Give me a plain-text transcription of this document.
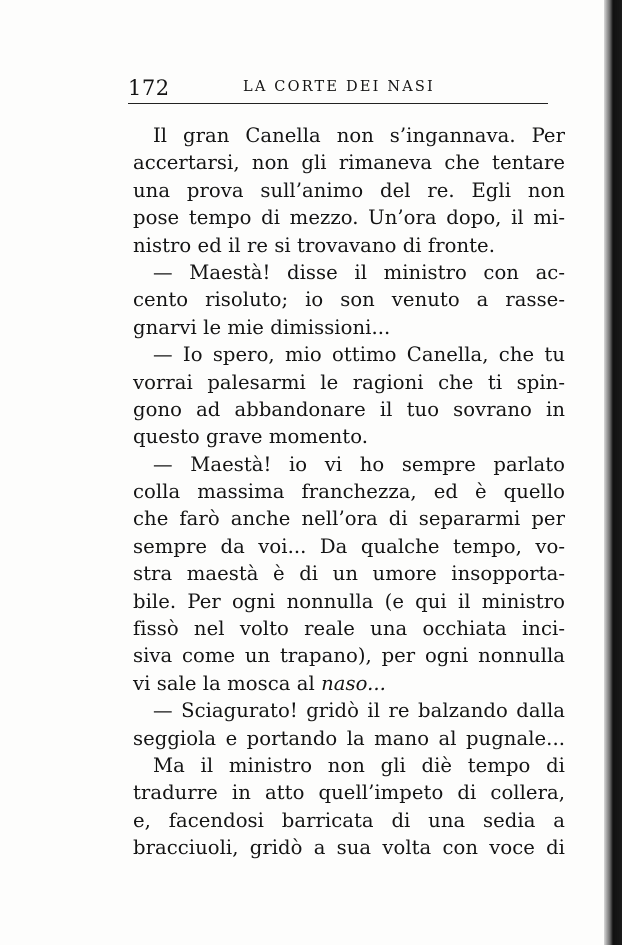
172	LA CORTE DEI NASI
Il gran Canella non s’ingannava. Per
accertarsi, non gli rimaneva che tentare
una prova sull’animo del re. Egli non
pose tempo di mezzo. Un’ora dopo, il mi-
nistro ed il re si trovavano di fronte.
— Maestà! disse il ministro con ac-
cento risoluto; io son venuto a rasse-
gnarvi le mie dimissioni...
— Io spero, mio ottimo Canella, che tu
vorrai palesarmi le ragioni che ti spin-
gono ad abbandonare il tuo sovrano in
questo grave momento.
— Maestà! io vi ho sempre parlato
colla massima franchezza, ed è quello
che farò anche nell’ora di separarmi per
sempre da voi... Da qualche tempo, vo-
stra maestà è di un umore insopporta-
bile. Per ogni nonnulla (e qui il ministro
fissò nel volto reale una occhiata inci-
siva come un trapano), per ogni nonnulla
vi sale la mosca al naso...
— Sciagurato! gridò il re balzando dalla
seggiola e portando la mano al pugnale...
Ma il ministro non gli diè tempo di
tradurre in atto quell’impeto di collera,
e, facendosi barricata di una sedia a
bracciuoli, gridò a sua volta con voce di
